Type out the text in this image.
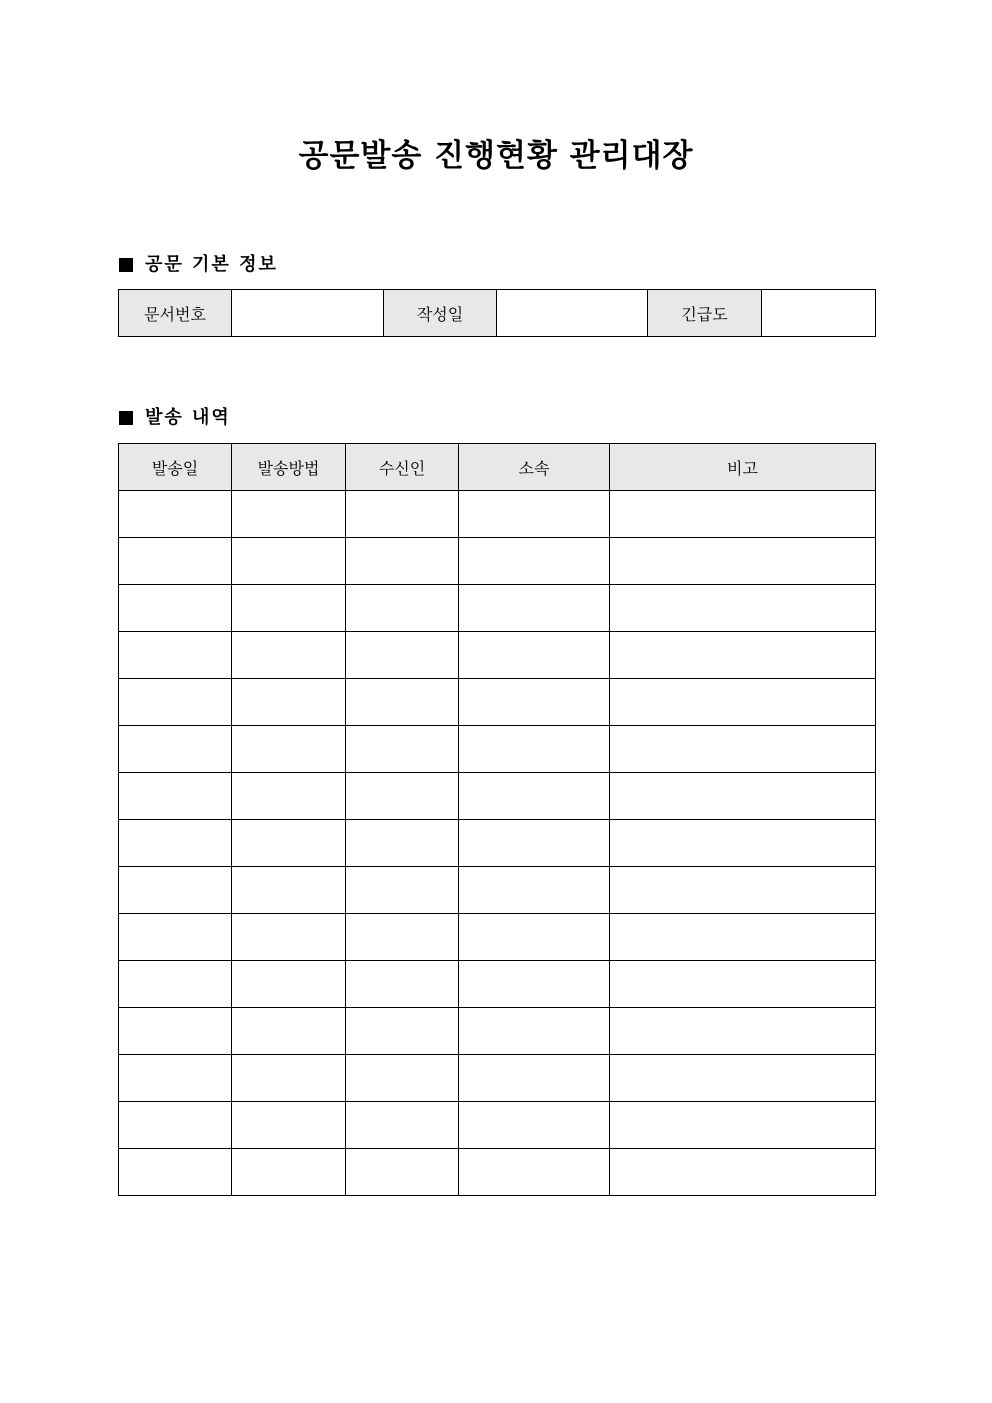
공문발송 진행현황 관리대장
공문 기본 정보
문서번호		작성일		긴급도	
발송 내역
발송일	발송방법	수신인	소속	비고
